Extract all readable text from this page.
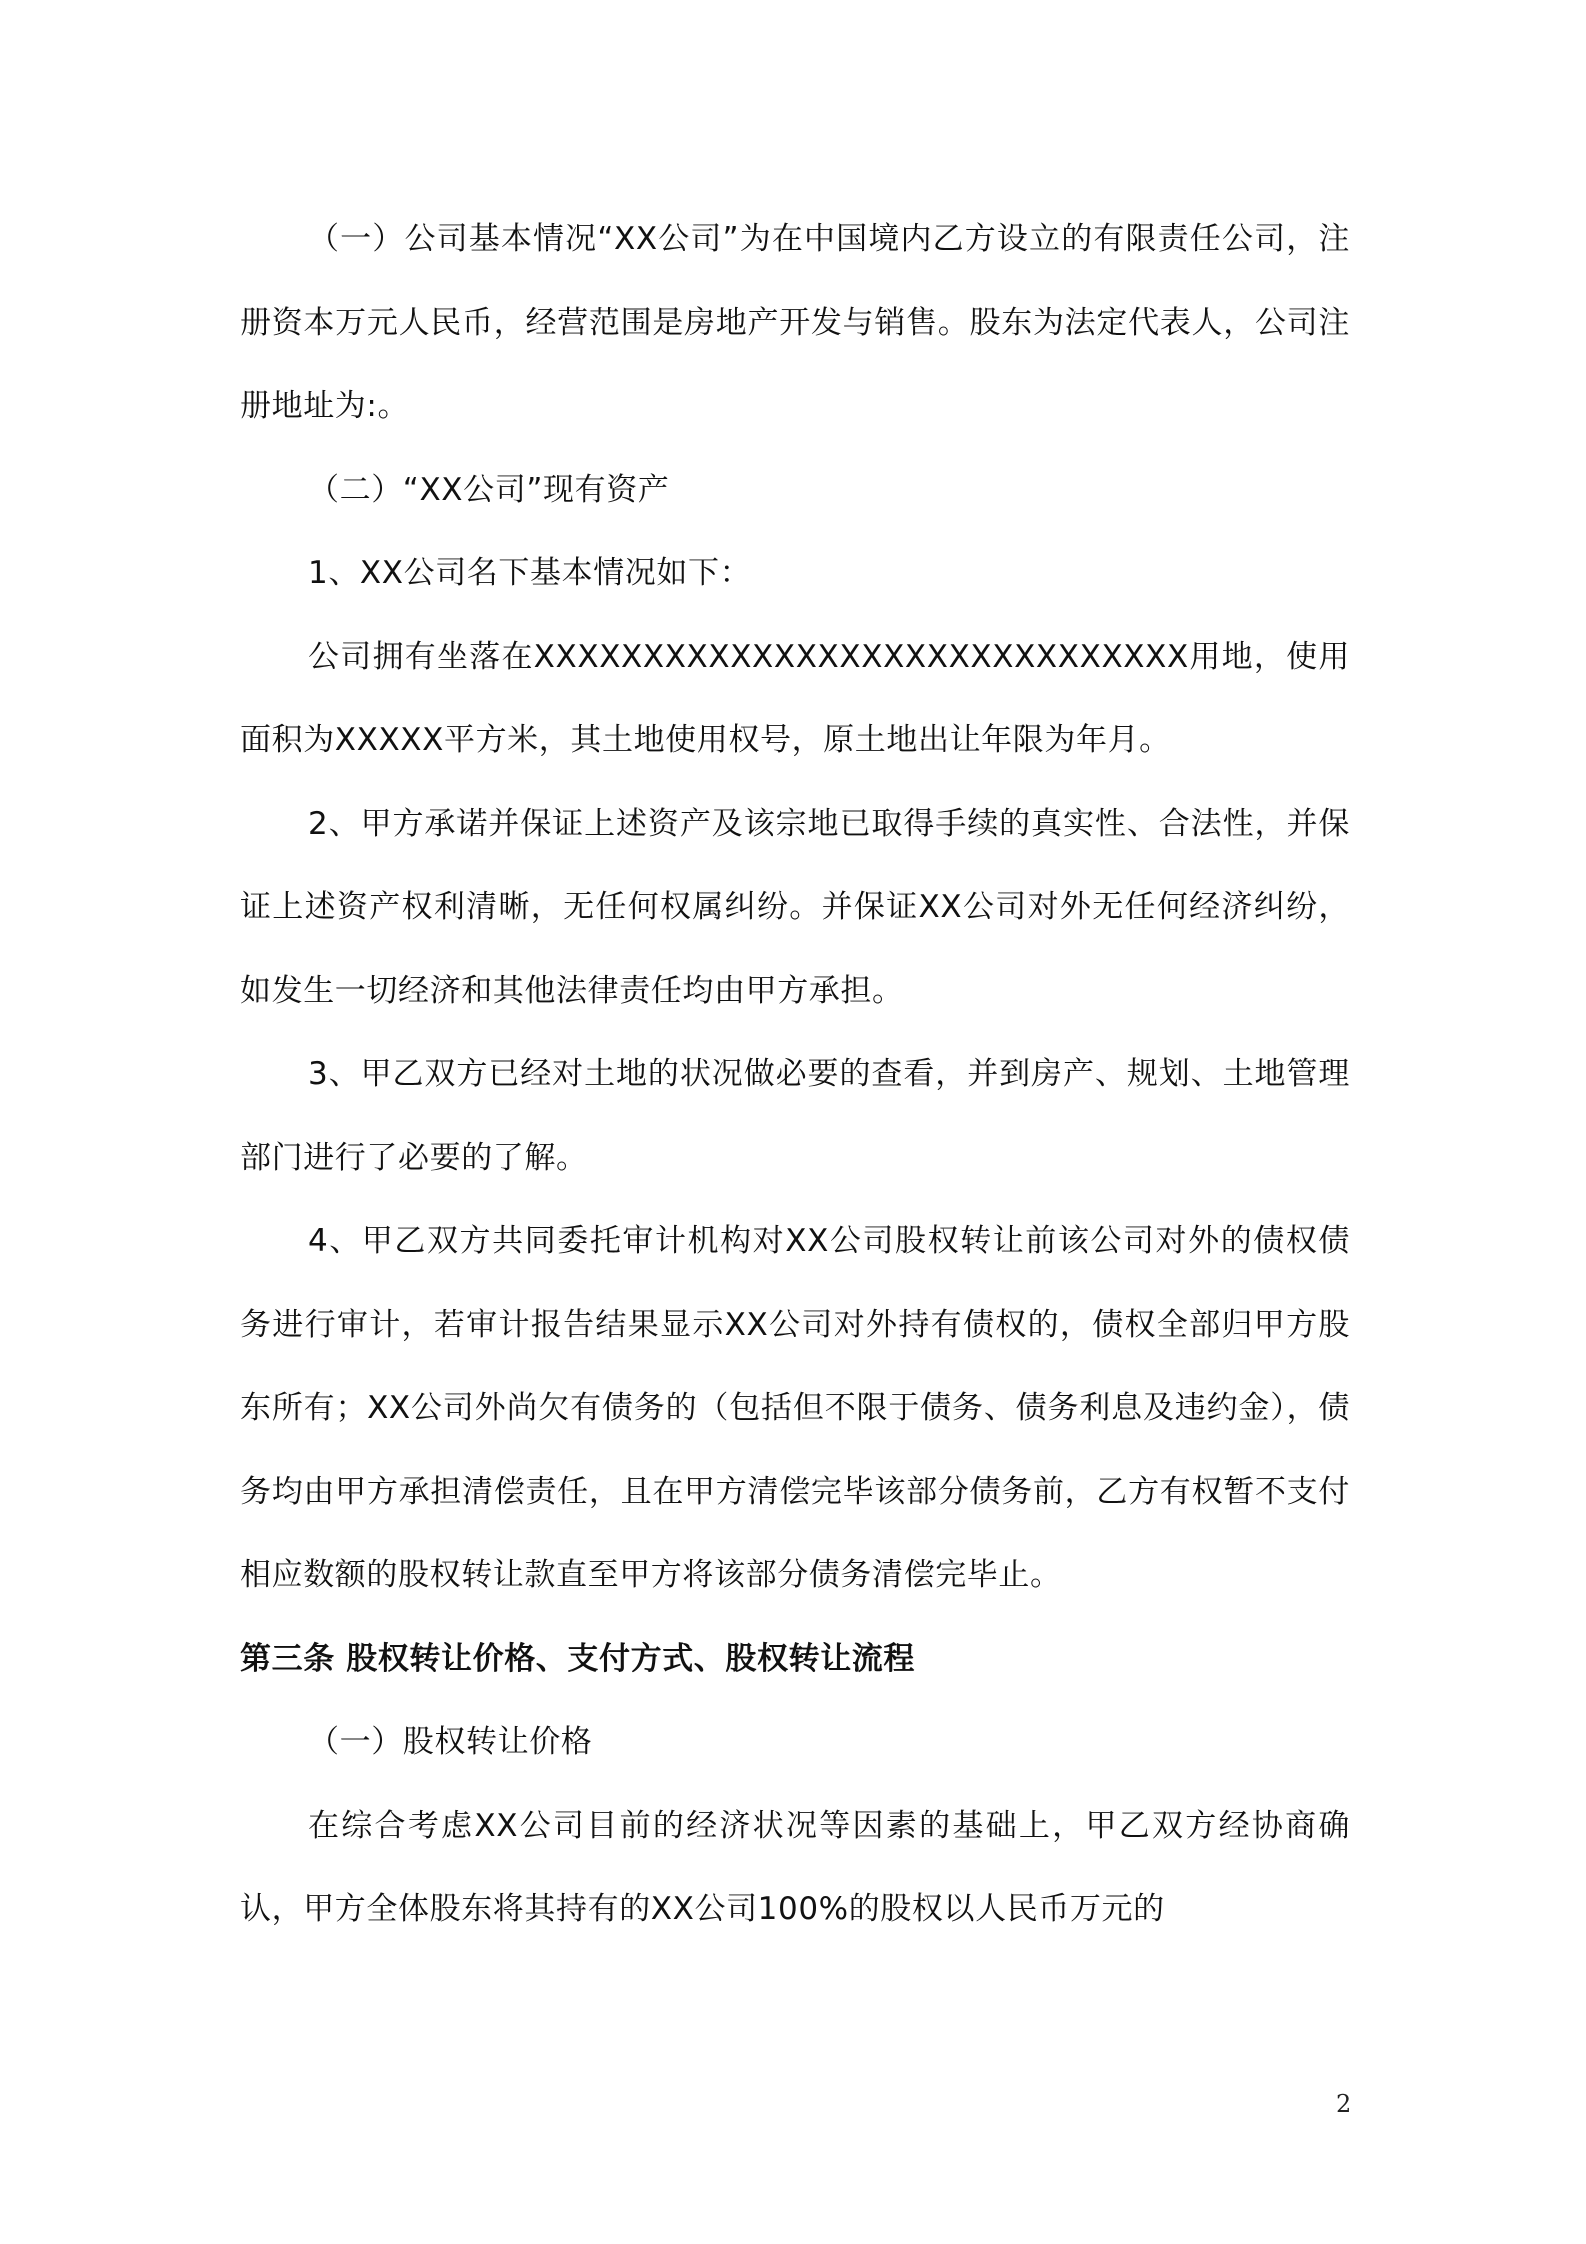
（一）公司基本情况“XX公司”为在中国境内乙方设立的有限责任公司，注册资本万元人民币，经营范围是房地产开发与销售。股东为法定代表人，公司注册地址为:。

（二）“XX公司”现有资产

1、XX公司名下基本情况如下：

公司拥有坐落在XXXXXXXXXXXXXXXXXXXXXXXXXXXXXX用地，使用面积为XXXXX平方米，其土地使用权号，原土地出让年限为年月。

2、甲方承诺并保证上述资产及该宗地已取得手续的真实性、合法性，并保证上述资产权利清晰，无任何权属纠纷。并保证XX公司对外无任何经济纠纷，如发生一切经济和其他法律责任均由甲方承担。

3、甲乙双方已经对土地的状况做必要的查看，并到房产、规划、土地管理部门进行了必要的了解。

4、甲乙双方共同委托审计机构对XX公司股权转让前该公司对外的债权债务进行审计，若审计报告结果显示XX公司对外持有债权的，债权全部归甲方股东所有；XX公司外尚欠有债务的（包括但不限于债务、债务利息及违约金），债务均由甲方承担清偿责任，且在甲方清偿完毕该部分债务前，乙方有权暂不支付相应数额的股权转让款直至甲方将该部分债务清偿完毕止。

第三条 股权转让价格、支付方式、股权转让流程

（一）股权转让价格

在综合考虑XX公司目前的经济状况等因素的基础上，甲乙双方经协商确认，甲方全体股东将其持有的XX公司100%的股权以人民币万元的

2
